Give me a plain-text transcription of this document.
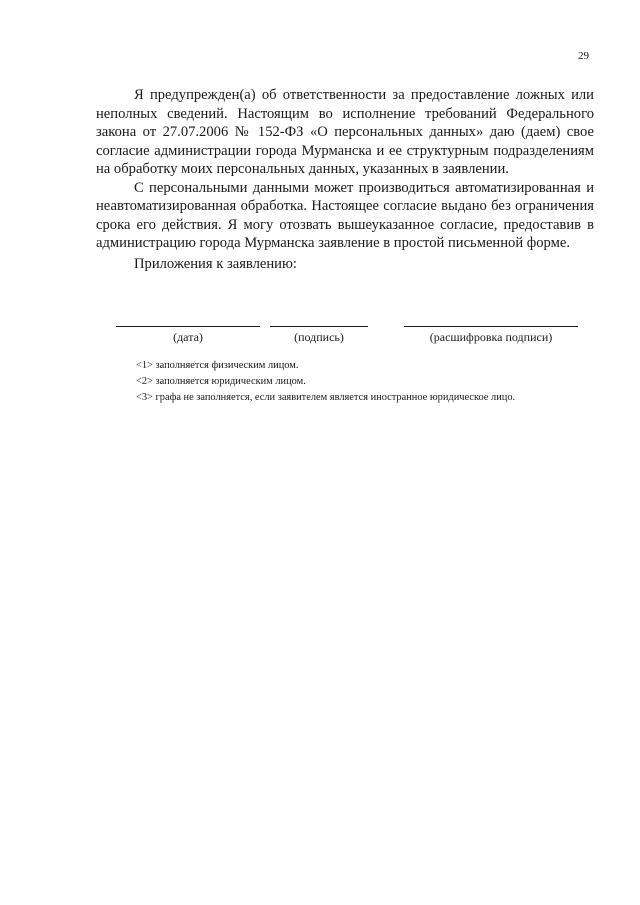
29

Я предупрежден(а) об ответственности за предоставление ложных или неполных сведений. Настоящим во исполнение требований Федерального закона от 27.07.2006 № 152-ФЗ «О персональных данных» даю (даем) свое согласие администрации города Мурманска и ее структурным подразделениям на обработку моих персональных данных, указанных в заявлении.

С персональными данными может производиться автоматизированная и неавтоматизированная обработка. Настоящее согласие выдано без ограничения срока его действия. Я могу отозвать вышеуказанное согласие, предоставив в администрацию города Мурманска заявление в простой письменной форме.

Приложения к заявлению:

(дата)	(подпись)	(расшифровка подписи)

<1> заполняется физическим лицом.

<2> заполняется юридическим лицом.

<3> графа не заполняется, если заявителем является иностранное юридическое лицо.
